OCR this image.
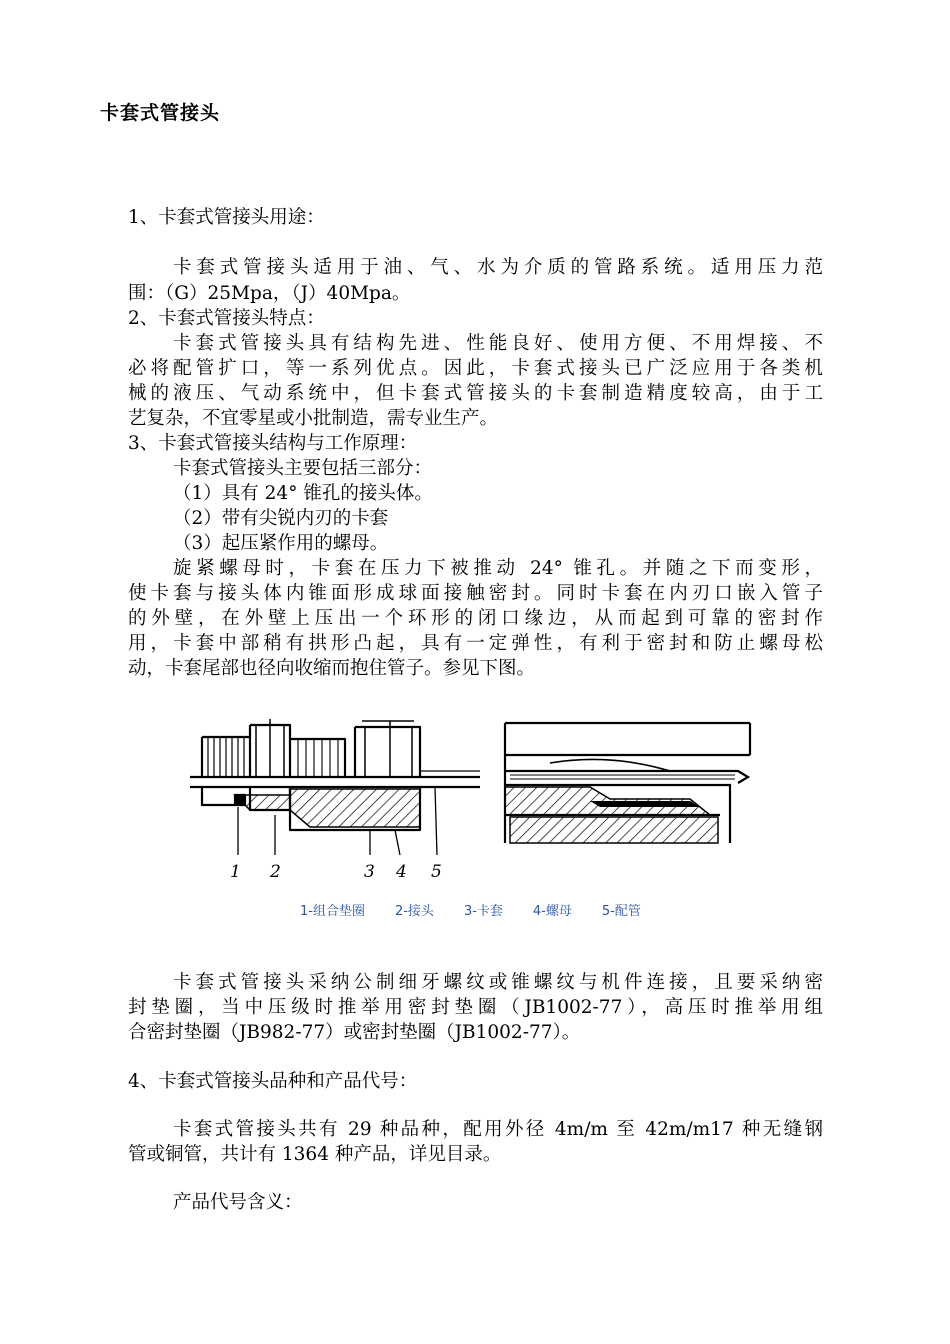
卡套式管接头
1、卡套式管接头用途：
卡套式管接头适用于油、气、水为介质的管路系统。适用压力范
围：（G）25Mpa，（J）40Mpa。
2、卡套式管接头特点：
卡套式管接头具有结构先进、性能良好、使用方便、不用焊接、不
必将配管扩口，等一系列优点。因此，卡套式接头已广泛应用于各类机
械的液压、气动系统中，但卡套式管接头的卡套制造精度较高，由于工
艺复杂，不宜零星或小批制造，需专业生产。
3、卡套式管接头结构与工作原理：
卡套式管接头主要包括三部分：
（1）具有 24° 锥孔的接头体。
（2）带有尖锐内刃的卡套
（3）起压紧作用的螺母。
旋紧螺母时，卡套在压力下被推动 24° 锥孔。并随之下而变形，
使卡套与接头体内锥面形成球面接触密封。同时卡套在内刃口嵌入管子
的外壁，在外壁上压出一个环形的闭口缘边，从而起到可靠的密封作
用，卡套中部稍有拱形凸起，具有一定弹性，有利于密封和防止螺母松
动，卡套尾部也径向收缩而抱住管子。参见下图。
1 2	3 4 5
1-组合垫圈 2-接头 3-卡套 4-螺母 5-配管
卡套式管接头采纳公制细牙螺纹或锥螺纹与机件连接，且要采纳密
封垫圈，当中压级时推举用密封垫圈（JB1002-77），高压时推举用组
合密封垫圈（JB982-77）或密封垫圈（JB1002-77）。
4、卡套式管接头品种和产品代号：
卡套式管接头共有 29 种品种，配用外径 4m/m 至 42m/m17 种无缝钢
管或铜管，共计有 1364 种产品，详见目录。
产品代号含义：
